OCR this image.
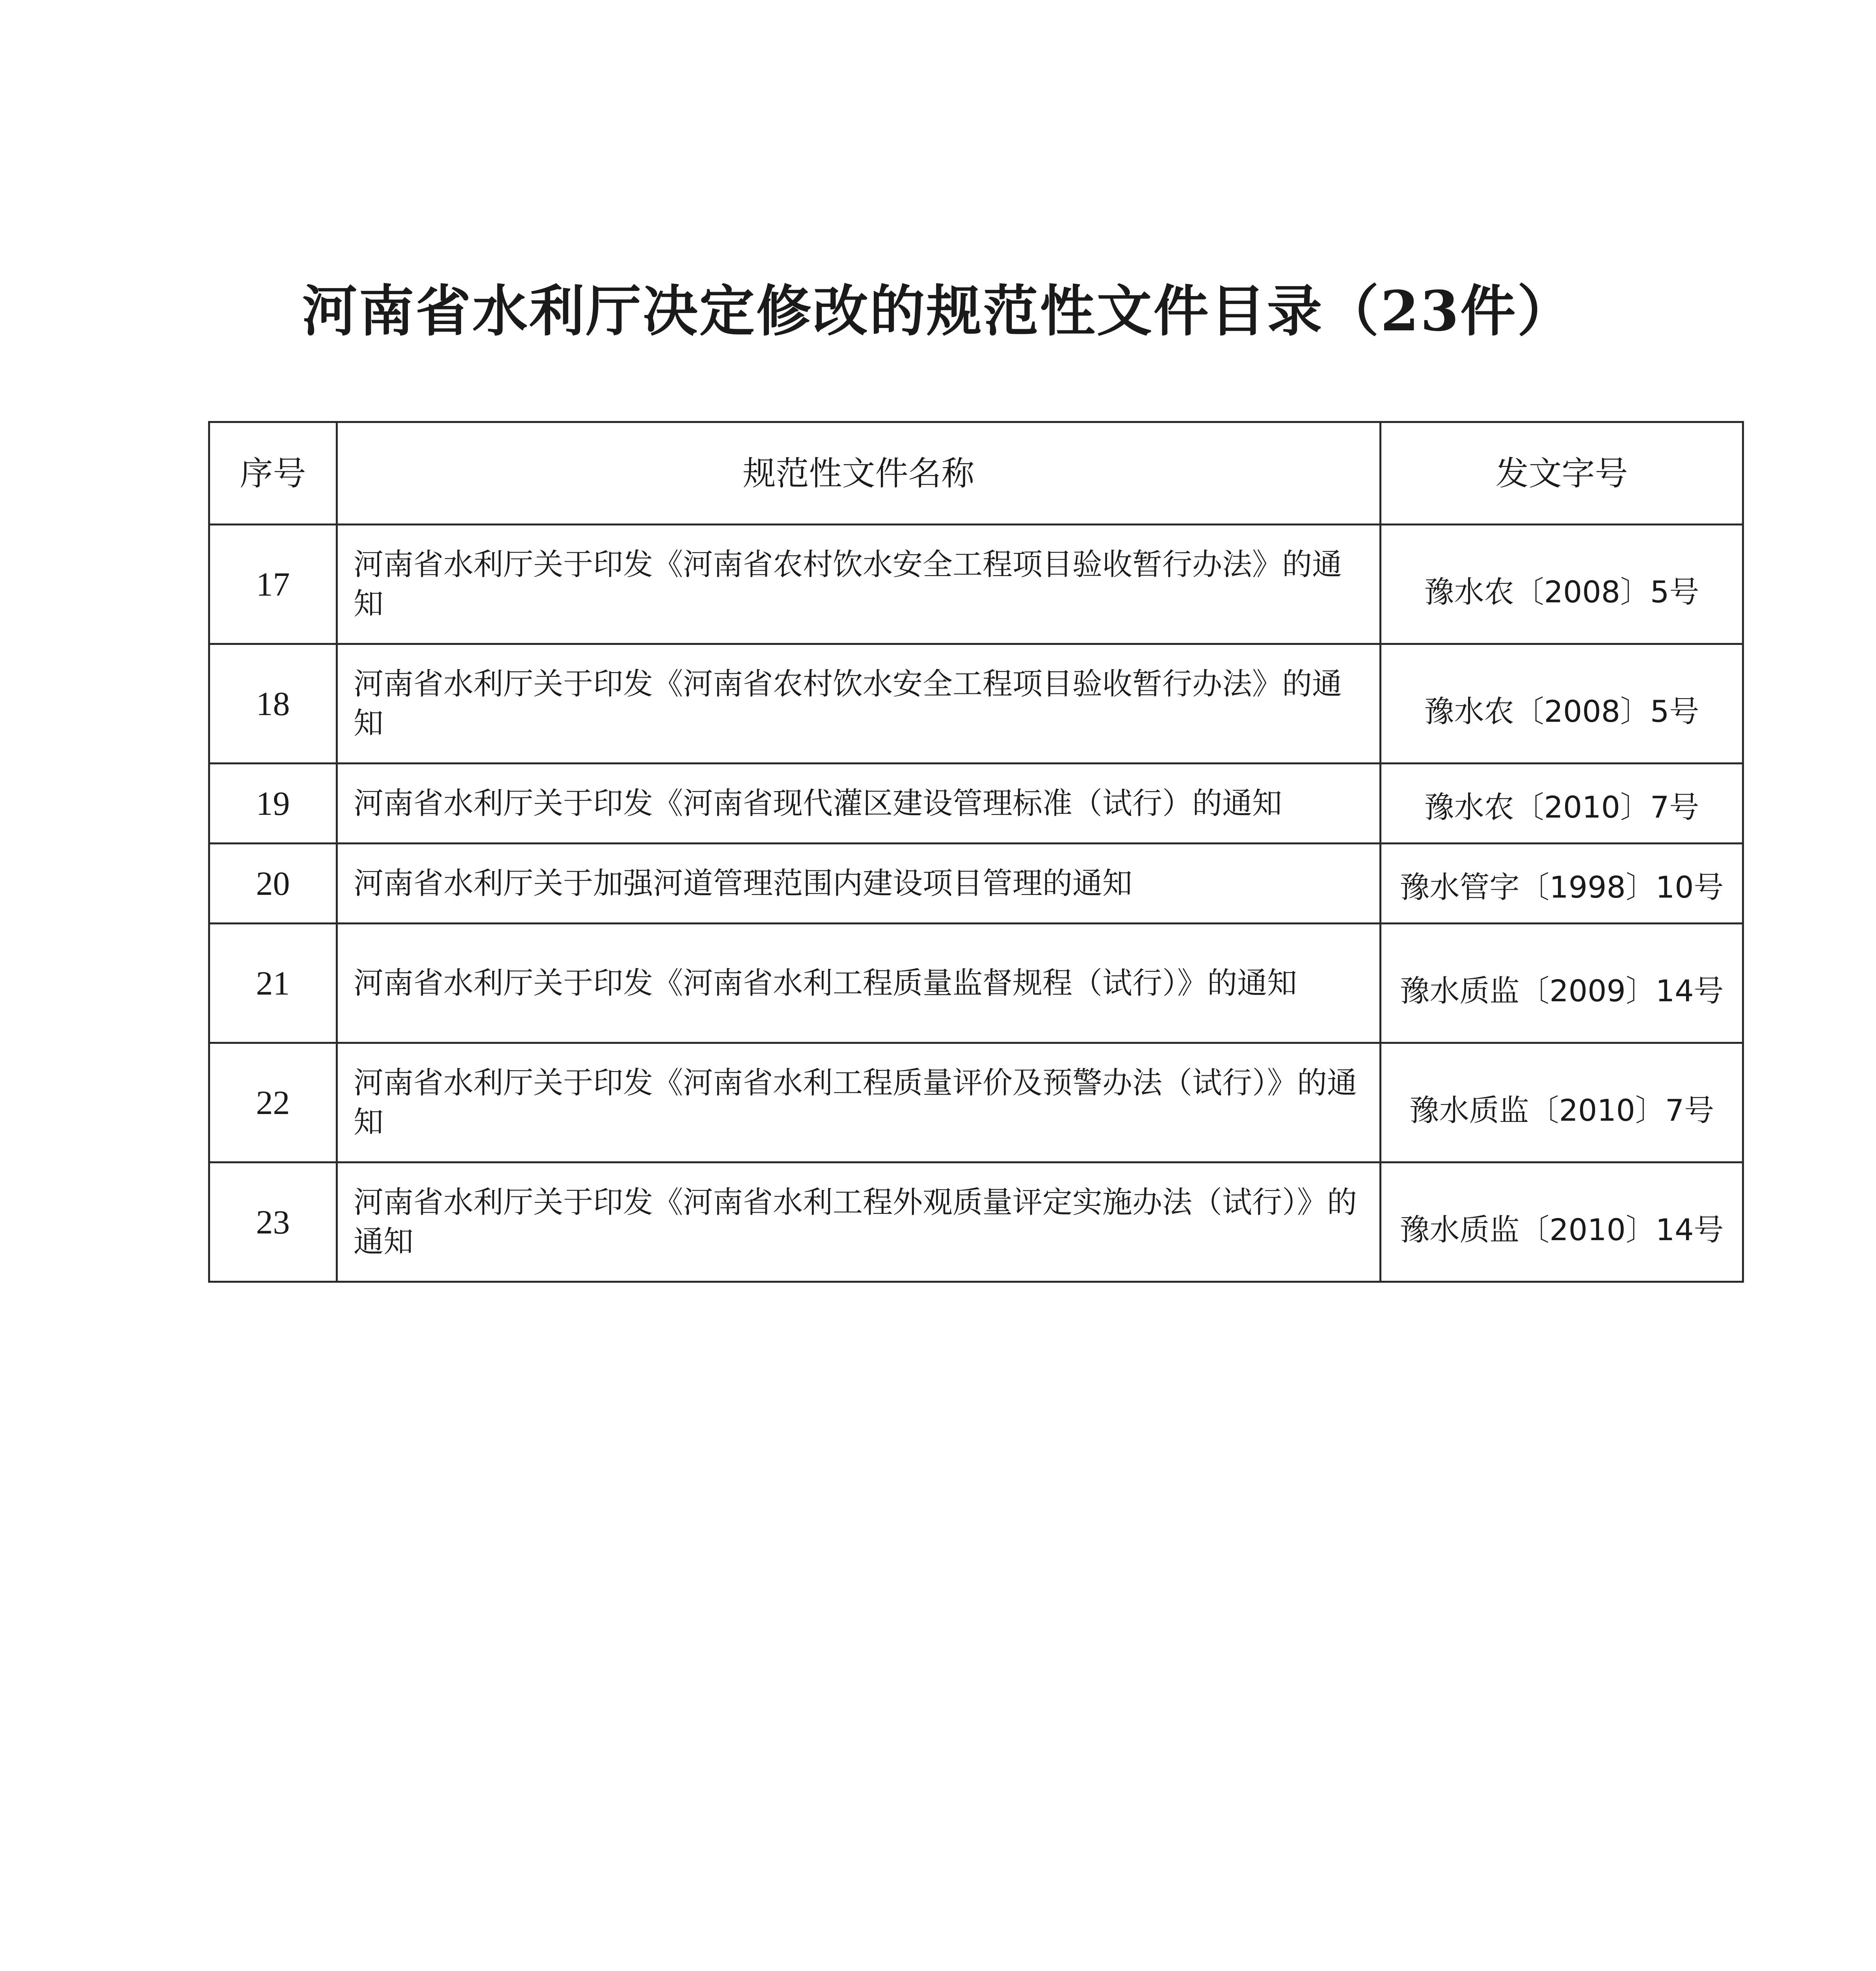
河南省水利厅决定修改的规范性文件目录（23件）
序号	规范性文件名称	发文字号
17	河南省水利厅关于印发《河南省农村饮水安全工程项目验收暂行办法》的通知	豫水农〔2008〕5号
18	河南省水利厅关于印发《河南省农村饮水安全工程项目验收暂行办法》的通知	豫水农〔2008〕5号
19	河南省水利厅关于印发《河南省现代灌区建设管理标准（试行）的通知	豫水农〔2010〕7号
20	河南省水利厅关于加强河道管理范围内建设项目管理的通知	豫水管字〔1998〕10号
21	河南省水利厅关于印发《河南省水利工程质量监督规程（试行）》的通知	豫水质监〔2009〕14号
22	河南省水利厅关于印发《河南省水利工程质量评价及预警办法（试行）》的通知	豫水质监〔2010〕7号
23	河南省水利厅关于印发《河南省水利工程外观质量评定实施办法（试行）》的通知	豫水质监〔2010〕14号
